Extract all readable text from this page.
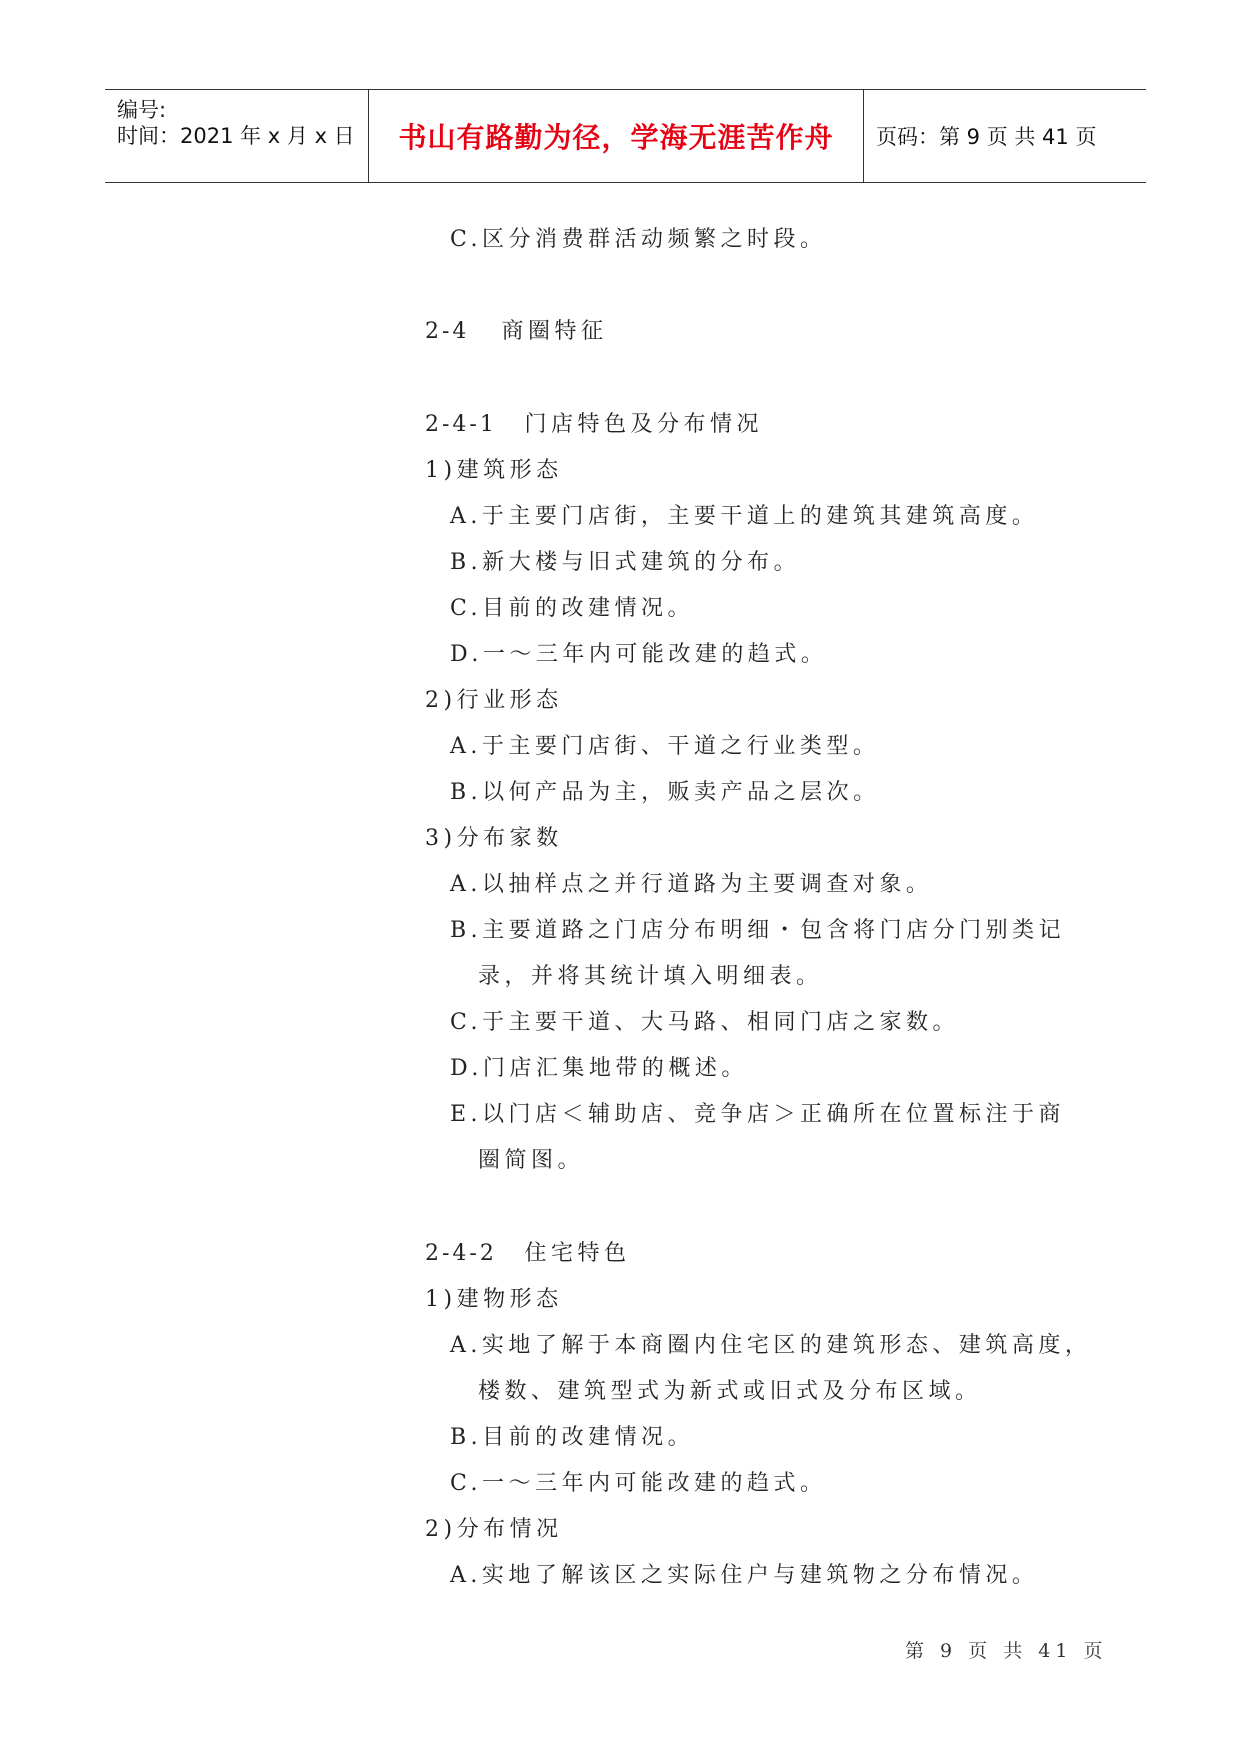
编号:
时间：2021 年 x 月 x 日 书山有路勤为径，学海无涯苦作舟 页码：第 9 页 共 41 页
C.区分消费群活动频繁之时段。
2-4 商圈特征
2-4-1 门店特色及分布情况
1)建筑形态
A.于主要门店街，主要干道上的建筑其建筑高度。
B.新大楼与旧式建筑的分布。
C.目前的改建情况。
D.一～三年内可能改建的趋式。
2)行业形态
A.于主要门店街、干道之行业类型。
B.以何产品为主，贩卖产品之层次。
3)分布家数
A.以抽样点之并行道路为主要调查对象。
B.主要道路之门店分布明细・包含将门店分门别类记
录，并将其统计填入明细表。
C.于主要干道、大马路、相同门店之家数。
D.门店汇集地带的概述。
E.以门店＜辅助店、竞争店＞正确所在位置标注于商
圈简图。
2-4-2 住宅特色
1)建物形态
A.实地了解于本商圈内住宅区的建筑形态、建筑高度，
楼数、建筑型式为新式或旧式及分布区域。
B.目前的改建情况。
C.一～三年内可能改建的趋式。
2)分布情况
A.实地了解该区之实际住户与建筑物之分布情况。
第 9 页 共 41 页
